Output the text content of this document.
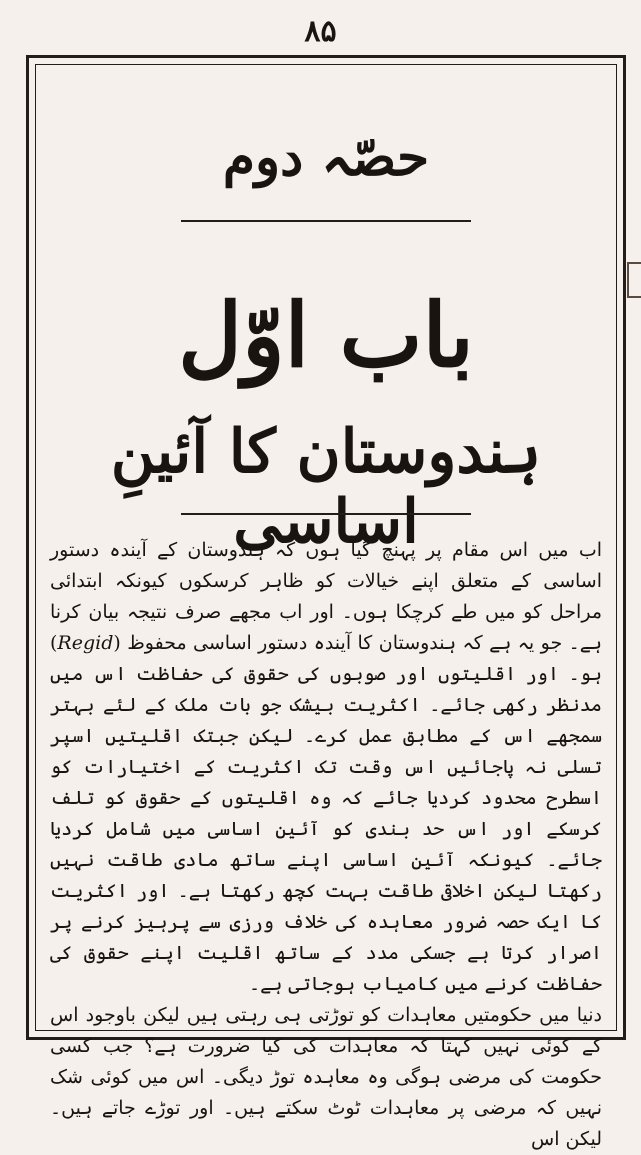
۸۵
حصّہ دوم
باب اوّل
ہندوستان کا آئینِ اساسی

اب میں اس مقام پر پہنچ گیا ہوں کہ ہندوستان کے آیندہ دستور اساسی کے متعلق اپنے خیالات کو ظاہر کرسکوں کیونکہ ابتدائی مراحل کو میں طے کرچکا ہوں۔ اور اب مجھے صرف نتیجہ بیان کرنا ہے۔ جو یہ ہے کہ ہندوستان کا آیندہ دستور اساسی محفوظ (Regid) ہو۔ اور اقلیتوں اور صوبوں کی حقوق کی حفاظت اس میں مدنظر رکھی جائے۔ اکثریت بیشک جو بات ملک کے لئے بہتر سمجھے اس کے مطابق عمل کرے۔ لیکن جبتک اقلیتیں اسپر تسلی نہ پاجائیں اس وقت تک اکثریت کے اختیارات کو اسطرح محدود کردیا جائے کہ وہ اقلیتوں کے حقوق کو تلف کرسکے اور اس حد بندی کو آئین اساسی میں شامل کردیا جائے۔ کیونکہ آئین اساسی اپنے ساتھ مادی طاقت نہیں رکھتا لیکن اخلاقی طاقت بہت کچھ رکھتا ہے۔ اور اکثریت کا ایک حصہ ضرور معاہدہ کی خلاف ورزی سے پرہیز کرنے پر اصرار کرتا ہے جسکی مدد کے ساتھ اقلیت اپنے حقوق کی حفاظت کرنے میں کامیاب ہوجاتی ہے۔

دنیا میں حکومتیں معاہدات کو توڑتی ہی رہتی ہیں لیکن باوجود اس کے کوئی نہیں کہتا کہ معاہدات کی کیا ضرورت ہے؟ جب کسی حکومت کی مرضی ہوگی وہ معاہدہ توڑ دیگی۔ اس میں کوئی شک نہیں کہ مرضی پر معاہدات ٹوٹ سکتے ہیں۔ اور توڑے جاتے ہیں۔ لیکن اس
